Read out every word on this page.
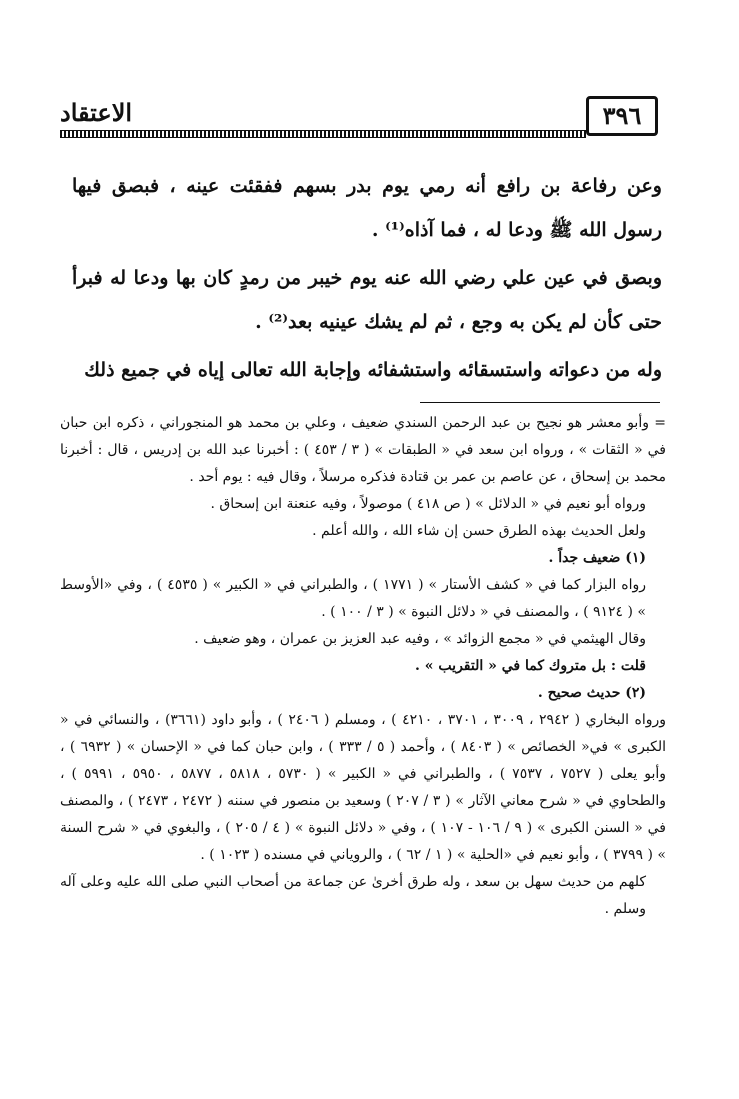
الاعتقاد	٣٩٦

وعن رفاعة بن رافع أنه رمي يوم بدر بسهم ففقئت عينه ، فبصق فيها رسول الله ﷺ ودعا له ، فما آذاه⁽¹⁾ .

وبصق في عين علي رضي الله عنه يوم خيبر من رمدٍ كان بها ودعا له فبرأ حتى كأن لم يكن به وجع ، ثم لم يشك عينيه بعد⁽²⁾ .

وله من دعواته واستسقائه واستشفائه وإجابة الله تعالى إياه في جميع ذلك

= وأبو معشر هو نجيح بن عبد الرحمن السندي ضعيف ، وعلي بن محمد هو المنجوراني ، ذكره ابن حبان في « الثقات » ، ورواه ابن سعد في « الطبقات » ( ٣ / ٤٥٣ ) : أخبرنا عبد الله بن إدريس ، قال : أخبرنا محمد بن إسحاق ، عن عاصم بن عمر بن قتادة فذكره مرسلاً ، وقال فيه : يوم أحد .

ورواه أبو نعيم في « الدلائل » ( ص ٤١٨ ) موصولاً ، وفيه عنعنة ابن إسحاق .

ولعل الحديث بهذه الطرق حسن إن شاء الله ، والله أعلم .

(١) ضعيف جداً .

رواه البزار كما في « كشف الأستار » ( ١٧٧١ ) ، والطبراني في « الكبير » ( ٤٥٣٥ ) ، وفي «الأوسط » ( ٩١٢٤ ) ، والمصنف في « دلائل النبوة » ( ٣ / ١٠٠ ) .

وقال الهيثمي في « مجمع الزوائد » ، وفيه عبد العزيز بن عمران ، وهو ضعيف .

قلت : بل متروك كما في « التقريب » .

(٢) حديث صحيح .

ورواه البخاري ( ٢٩٤٢ ، ٣٠٠٩ ، ٣٧٠١ ، ٤٢١٠ ) ، ومسلم ( ٢٤٠٦ ) ، وأبو داود (٣٦٦١) ، والنسائي في « الكبرى » في« الخصائص » ( ٨٤٠٣ ) ، وأحمد ( ٥ / ٣٣٣ ) ، وابن حبان كما في « الإحسان » ( ٦٩٣٢ ) ، وأبو يعلى ( ٧٥٢٧ ، ٧٥٣٧ ) ، والطبراني في « الكبير » ( ٥٧٣٠ ، ٥٨١٨ ، ٥٨٧٧ ، ٥٩٥٠ ، ٥٩٩١ ) ، والطحاوي في « شرح معاني الآثار » ( ٣ / ٢٠٧ ) وسعيد بن منصور في سننه ( ٢٤٧٢ ، ٢٤٧٣ ) ، والمصنف في « السنن الكبرى » ( ٩ / ١٠٦ - ١٠٧ ) ، وفي « دلائل النبوة » ( ٤ / ٢٠٥ ) ، والبغوي في « شرح السنة » ( ٣٧٩٩ ) ، وأبو نعيم في «الحلية » ( ١ / ٦٢ ) ، والروياني في مسنده ( ١٠٢٣ ) .

كلهم من حديث سهل بن سعد ، وله طرق أخرىٰ عن جماعة من أصحاب النبي صلى الله عليه وعلى آله وسلم .
